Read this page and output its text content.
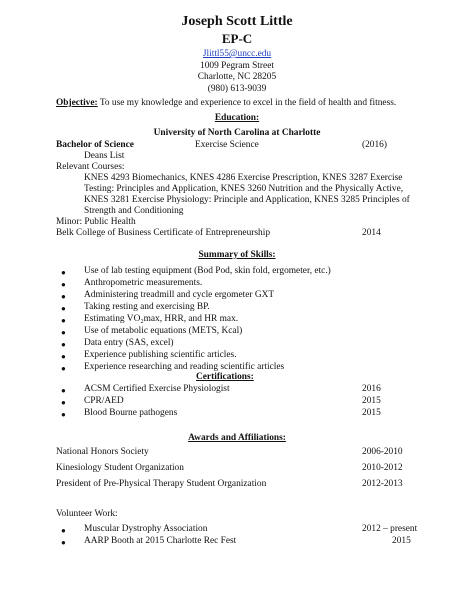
Joseph Scott Little
EP-C
Jlittl55@uncc.edu
1009 Pegram Street
Charlotte, NC 28205
(980) 613-9039
Objective: To use my knowledge and experience to excel in the field of health and fitness.
Education:
University of North Carolina at Charlotte
Bachelor of Science	Exercise Science	(2016)
Deans List
Relevant Courses:
KNES 4293 Biomechanics, KNES 4286 Exercise Prescription, KNES 3287 Exercise
Testing: Principles and Application, KNES 3260 Nutrition and the Physically Active,
KNES 3281 Exercise Physiology: Principle and Application, KNES 3285 Principles of
Strength and Conditioning
Minor: Public Health
Belk College of Business Certificate of Entrepreneurship	2014
Summary of Skills:
● Use of lab testing equipment (Bod Pod, skin fold, ergometer, etc.)
● Anthropometric measurements.
● Administering treadmill and cycle ergometer GXT
● Taking resting and exercising BP.
● Estimating VO₂max, HRR, and HR max.
● Use of metabolic equations (METS, Kcal)
● Data entry (SAS, excel)
● Experience publishing scientific articles.
● Experience researching and reading scientific articles
Certifications:
● ACSM Certified Exercise Physiologist	2016
● CPR/AED	2015
● Blood Bourne pathogens	2015
Awards and Affiliations:
National Honors Society	2006-2010
Kinesiology Student Organization	2010-2012
President of Pre-Physical Therapy Student Organization	2012-2013
Volunteer Work:
● Muscular Dystrophy Association	2012 – present
● AARP Booth at 2015 Charlotte Rec Fest	2015
